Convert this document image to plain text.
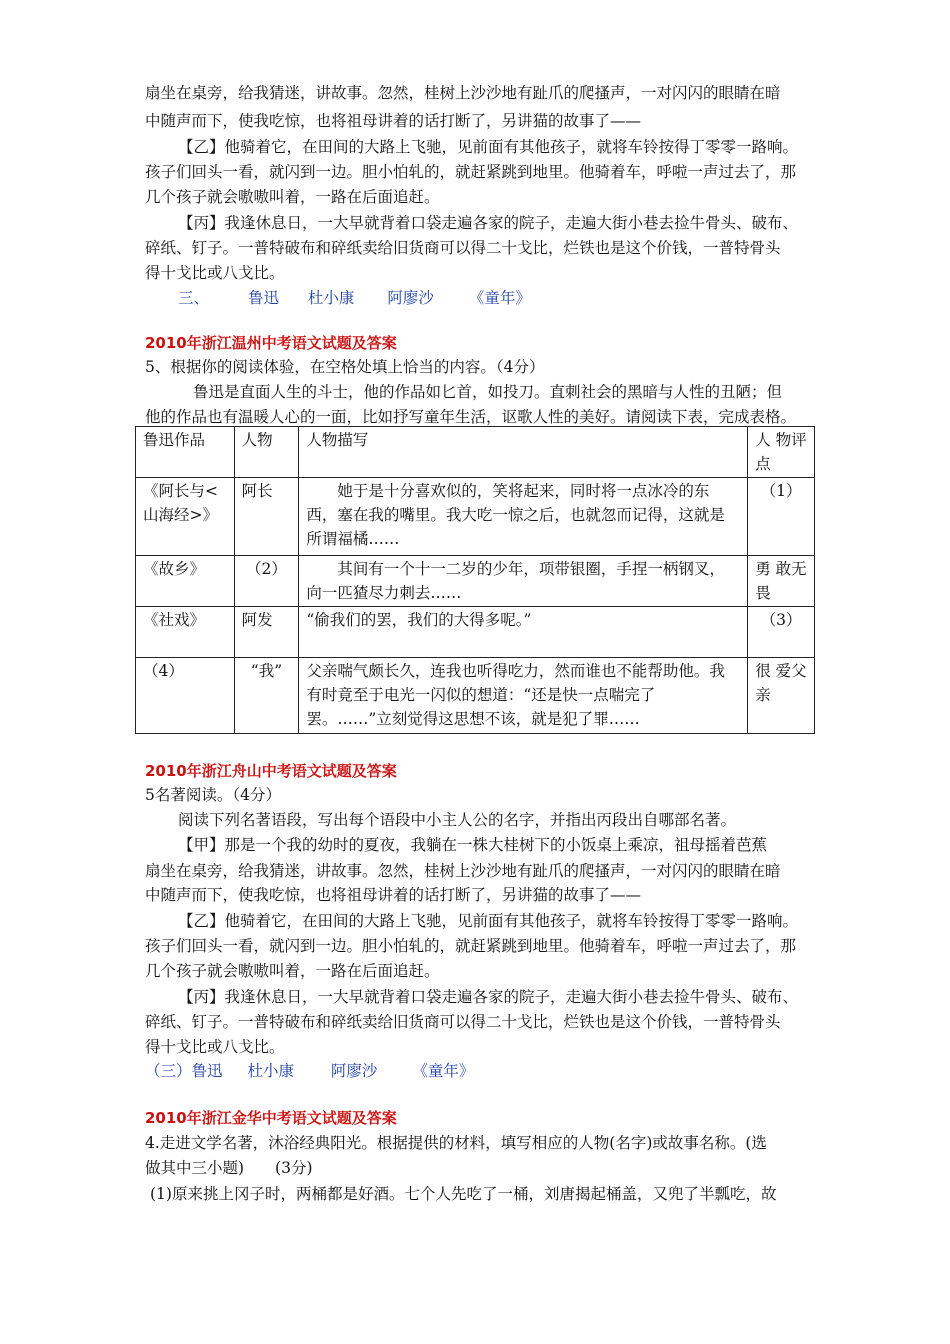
扇坐在桌旁，给我猜迷，讲故事。忽然，桂树上沙沙地有趾爪的爬搔声，一对闪闪的眼睛在暗
中随声而下，使我吃惊，也将祖母讲着的话打断了，另讲猫的故事了——
【乙】他骑着它，在田间的大路上飞驰，见前面有其他孩子，就将车铃按得丁零零一路响。
孩子们回头一看，就闪到一边。胆小怕轧的，就赶紧跳到地里。他骑着车，呼啦一声过去了，那
几个孩子就会嗷嗷叫着，一路在后面追赶。
【丙】我逢休息日，一大早就背着口袋走遍各家的院子，走遍大街小巷去捡牛骨头、破布、
碎纸、钉子。一普特破布和碎纸卖给旧货商可以得二十戈比，烂铁也是这个价钱，一普特骨头
得十戈比或八戈比。
三、	鲁迅 杜小康 阿廖沙 《童年》
2010年浙江温州中考语文试题及答案
5、根据你的阅读体验，在空格处填上恰当的内容。（4分）
鲁迅是直面人生的斗士，他的作品如匕首，如投刀。直刺社会的黑暗与人性的丑陋；但
他的作品也有温暖人心的一面，比如抒写童年生活，讴歌人性的美好。请阅读下表，完成表格。
鲁迅作品	人物	人物描写	人 物评点
《阿长与<山海经>》	阿长	她于是十分喜欢似的，笑将起来，同时将一点冰冷的东西，塞在我的嘴里。我大吃一惊之后，也就忽而记得，这就是所谓福橘……	（1）
《故乡》	（2）	其间有一个十一二岁的少年，项带银圈，手捏一柄钢叉，向一匹猹尽力刺去……	勇 敢无畏
《社戏》	阿发	“偷我们的罢，我们的大得多呢。”	（3）
（4）	“我”	父亲喘气颇长久，连我也听得吃力，然而谁也不能帮助他。我有时竟至于电光一闪似的想道：“还是快一点喘完了罢。……”立刻觉得这思想不该，就是犯了罪……	很 爱父亲
2010年浙江舟山中考语文试题及答案
5名著阅读。（4分）
阅读下列名著语段，写出每个语段中小主人公的名字，并指出丙段出自哪部名著。
【甲】那是一个我的幼时的夏夜，我躺在一株大桂树下的小饭桌上乘凉，祖母摇着芭蕉
扇坐在桌旁，给我猜迷，讲故事。忽然，桂树上沙沙地有趾爪的爬搔声，一对闪闪的眼睛在暗
中随声而下，使我吃惊，也将祖母讲着的话打断了，另讲猫的故事了——
【乙】他骑着它，在田间的大路上飞驰，见前面有其他孩子，就将车铃按得丁零零一路响。
孩子们回头一看，就闪到一边。胆小怕轧的，就赶紧跳到地里。他骑着车，呼啦一声过去了，那
几个孩子就会嗷嗷叫着，一路在后面追赶。
【丙】我逢休息日，一大早就背着口袋走遍各家的院子，走遍大街小巷去捡牛骨头、破布、
碎纸、钉子。一普特破布和碎纸卖给旧货商可以得二十戈比，烂铁也是这个价钱，一普特骨头
得十戈比或八戈比。
（三）鲁迅 杜小康 阿廖沙 《童年》
2010年浙江金华中考语文试题及答案
4.走进文学名著，沐浴经典阳光。根据提供的材料，填写相应的人物(名字)或故事名称。(选
做其中三小题)　　(3分)
(1)原来挑上冈子时，两桶都是好酒。七个人先吃了一桶，刘唐揭起桶盖，又兜了半瓢吃，故
